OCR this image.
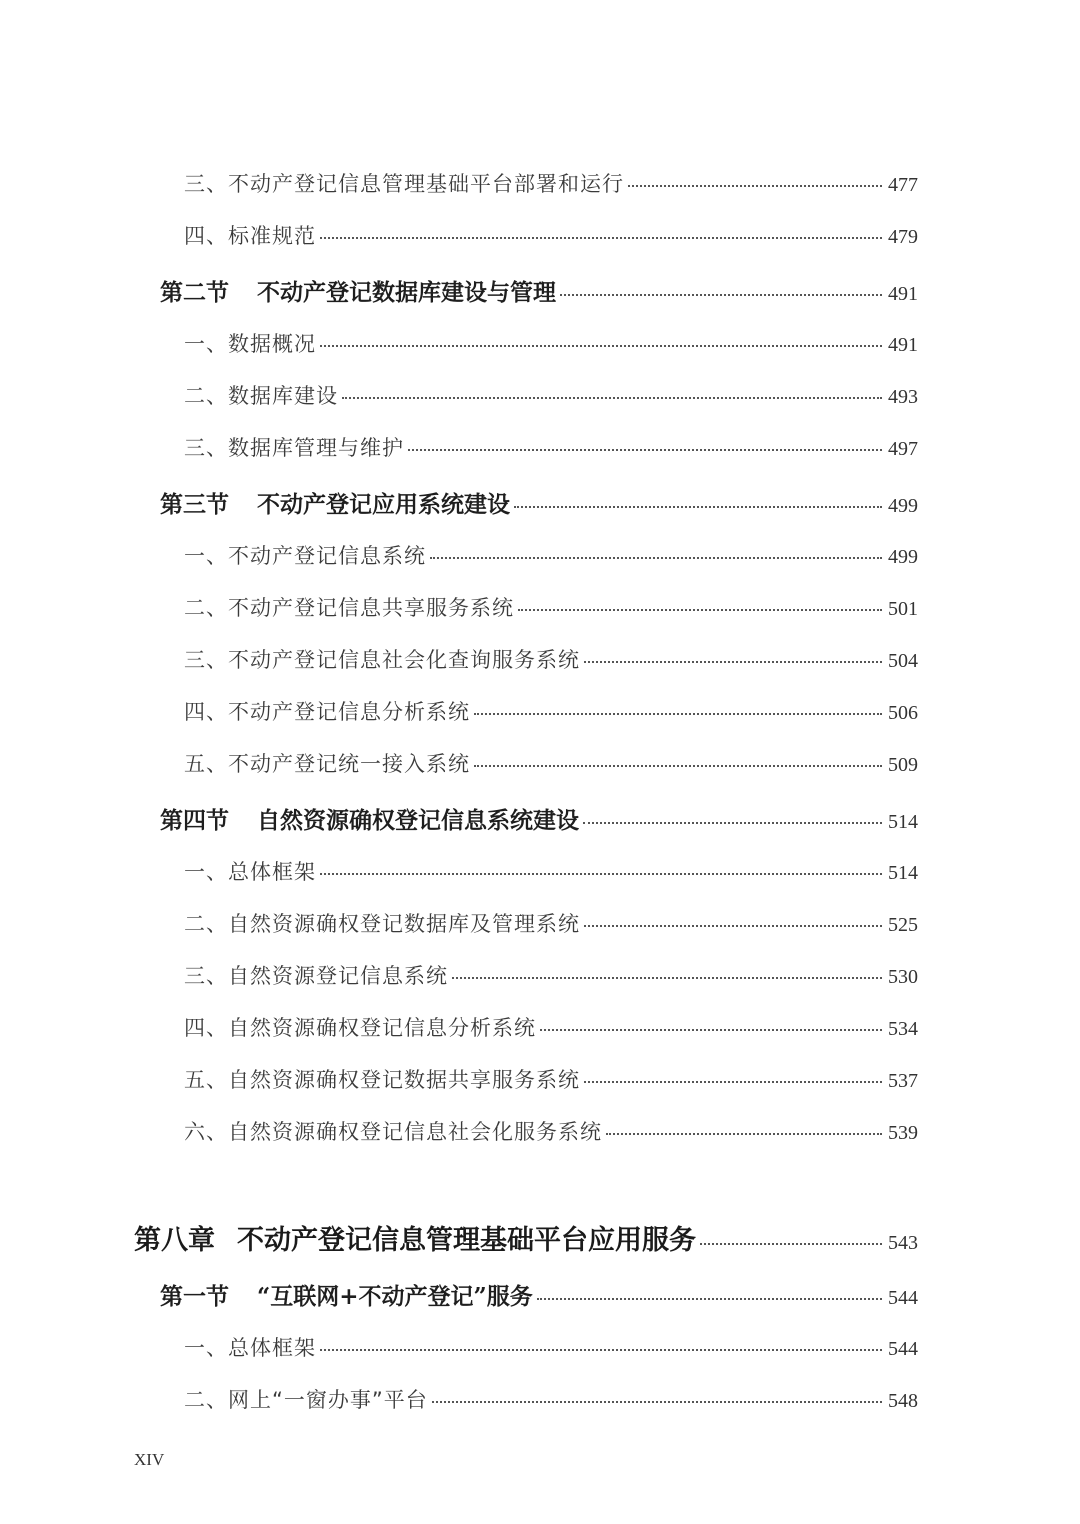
三、不动产登记信息管理基础平台部署和运行	477
四、标准规范	479
第二节 不动产登记数据库建设与管理	491
一、数据概况	491
二、数据库建设	493
三、数据库管理与维护	497
第三节 不动产登记应用系统建设	499
一、不动产登记信息系统	499
二、不动产登记信息共享服务系统	501
三、不动产登记信息社会化查询服务系统	504
四、不动产登记信息分析系统	506
五、不动产登记统一接入系统	509
第四节 自然资源确权登记信息系统建设	514
一、总体框架	514
二、自然资源确权登记数据库及管理系统	525
三、自然资源登记信息系统	530
四、自然资源确权登记信息分析系统	534
五、自然资源确权登记数据共享服务系统	537
六、自然资源确权登记信息社会化服务系统	539
第八章 不动产登记信息管理基础平台应用服务	543
第一节 “互联网+不动产登记”服务	544
一、总体框架	544
二、网上“一窗办事”平台	548
XIV
